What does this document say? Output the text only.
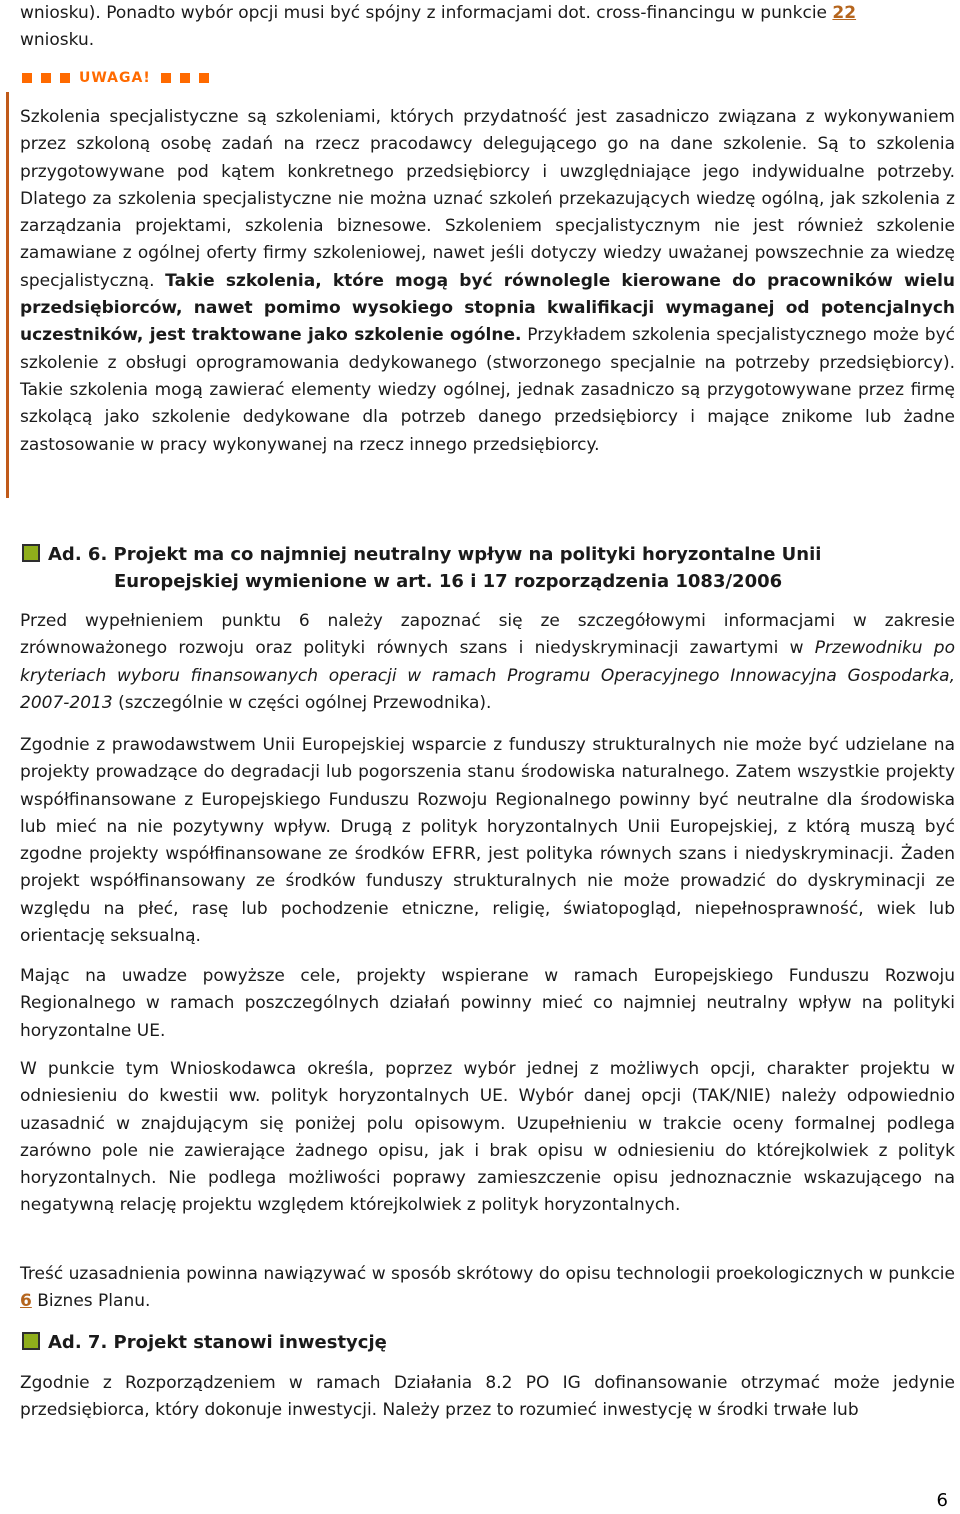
wniosku). Ponadto wybór opcji musi być spójny z informacjami dot. cross-financingu w punkcie 22
wniosku.

UWAGA!

Szkolenia specjalistyczne są szkoleniami, których przydatność jest zasadniczo związana z wykonywaniem przez szkoloną osobę zadań na rzecz pracodawcy delegującego go na dane szkolenie. Są to szkolenia przygotowywane pod kątem konkretnego przedsiębiorcy i uwzględniające jego indywidualne potrzeby. Dlatego za szkolenia specjalistyczne nie można uznać szkoleń przekazujących wiedzę ogólną, jak szkolenia z zarządzania projektami, szkolenia biznesowe. Szkoleniem specjalistycznym nie jest również szkolenie zamawiane z ogólnej oferty firmy szkoleniowej, nawet jeśli dotyczy wiedzy uważanej powszechnie za wiedzę specjalistyczną. Takie szkolenia, które mogą być równolegle kierowane do pracowników wielu przedsiębiorców, nawet pomimo wysokiego stopnia kwalifikacji wymaganej od potencjalnych uczestników, jest traktowane jako szkolenie ogólne. Przykładem szkolenia specjalistycznego może być szkolenie z obsługi oprogramowania dedykowanego (stworzonego specjalnie na potrzeby przedsiębiorcy). Takie szkolenia mogą zawierać elementy wiedzy ogólnej, jednak zasadniczo są przygotowywane przez firmę szkolącą jako szkolenie dedykowane dla potrzeb danego przedsiębiorcy i mające znikome lub żadne zastosowanie w pracy wykonywanej na rzecz innego przedsiębiorcy.

Ad. 6. Projekt ma co najmniej neutralny wpływ na polityki horyzontalne Unii
Europejskiej wymienione w art. 16 i 17 rozporządzenia 1083/2006

Przed wypełnieniem punktu 6 należy zapoznać się ze szczegółowymi informacjami w zakresie zrównoważonego rozwoju oraz polityki równych szans i niedyskryminacji zawartymi w Przewodniku po kryteriach wyboru finansowanych operacji w ramach Programu Operacyjnego Innowacyjna Gospodarka, 2007-2013 (szczególnie w części ogólnej Przewodnika).

Zgodnie z prawodawstwem Unii Europejskiej wsparcie z funduszy strukturalnych nie może być udzielane na projekty prowadzące do degradacji lub pogorszenia stanu środowiska naturalnego. Zatem wszystkie projekty współfinansowane z Europejskiego Funduszu Rozwoju Regionalnego powinny być neutralne dla środowiska lub mieć na nie pozytywny wpływ. Drugą z polityk horyzontalnych Unii Europejskiej, z którą muszą być zgodne projekty współfinansowane ze środków EFRR, jest polityka równych szans i niedyskryminacji. Żaden projekt współfinansowany ze środków funduszy strukturalnych nie może prowadzić do dyskryminacji ze względu na płeć, rasę lub pochodzenie etniczne, religię, światopogląd, niepełnosprawność, wiek lub orientację seksualną.

Mając na uwadze powyższe cele, projekty wspierane w ramach Europejskiego Funduszu Rozwoju Regionalnego w ramach poszczególnych działań powinny mieć co najmniej neutralny wpływ na polityki horyzontalne UE.

W punkcie tym Wnioskodawca określa, poprzez wybór jednej z możliwych opcji, charakter projektu w odniesieniu do kwestii ww. polityk horyzontalnych UE. Wybór danej opcji (TAK/NIE) należy odpowiednio uzasadnić w znajdującym się poniżej polu opisowym. Uzupełnieniu w trakcie oceny formalnej podlega zarówno pole nie zawierające żadnego opisu, jak i brak opisu w odniesieniu do którejkolwiek z polityk horyzontalnych. Nie podlega możliwości poprawy zamieszczenie opisu jednoznacznie wskazującego na negatywną relację projektu względem którejkolwiek z polityk horyzontalnych.

Treść uzasadnienia powinna nawiązywać w sposób skrótowy do opisu technologii proekologicznych w punkcie 6 Biznes Planu.

Ad. 7. Projekt stanowi inwestycję

Zgodnie z Rozporządzeniem w ramach Działania 8.2 PO IG dofinansowanie otrzymać może jedynie przedsiębiorca, który dokonuje inwestycji. Należy przez to rozumieć inwestycję w środki trwałe lub

6
